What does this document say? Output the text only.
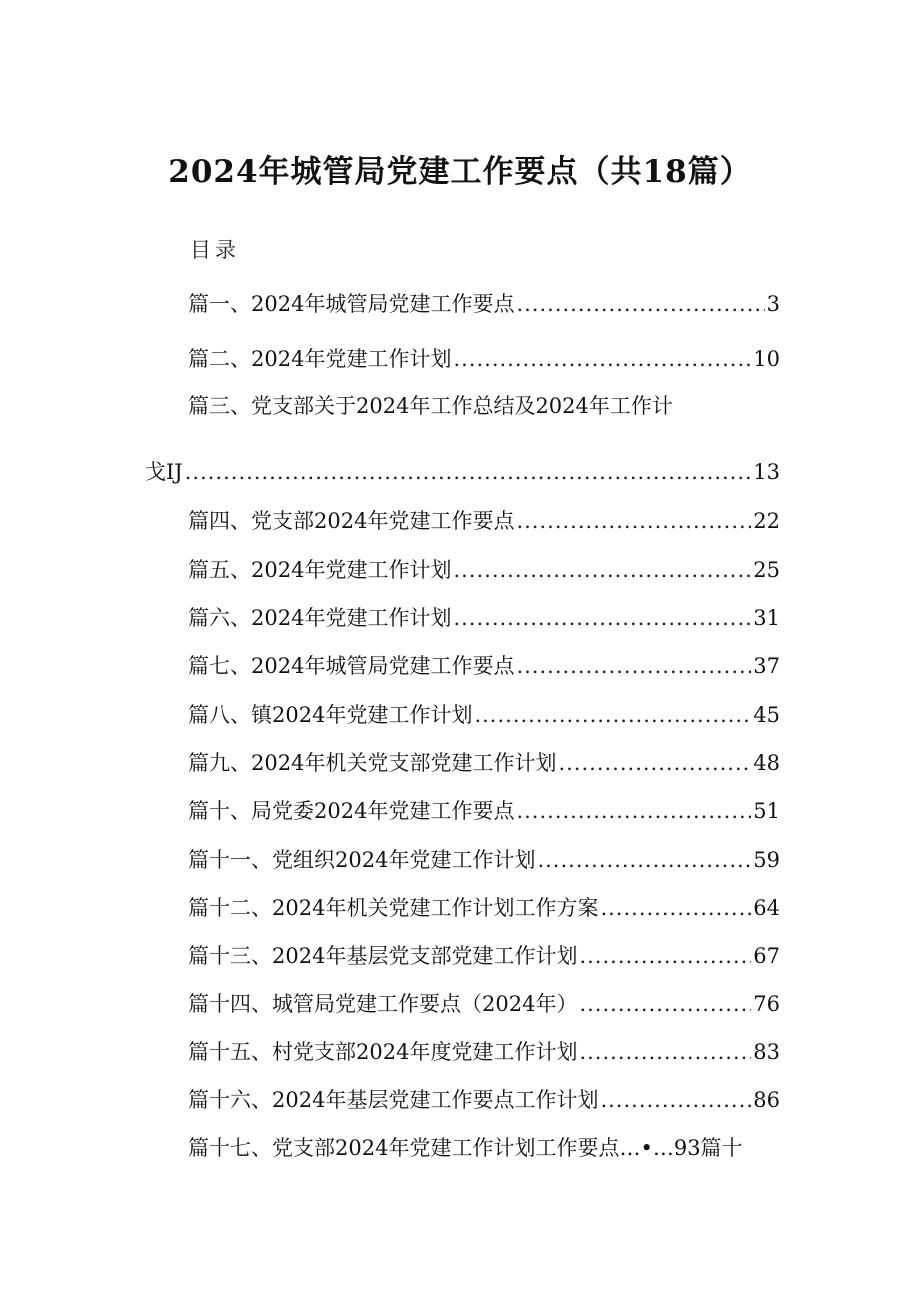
2024年城管局党建工作要点（共18篇）
目录
篇一、2024年城管局党建工作要点 .....	3
篇二、2024年党建工作计划 .....	10
篇三、党支部关于2024年工作总结及2024年工作计
戈IJ .....	13
篇四、党支部2024年党建工作要点 .....	22
篇五、2024年党建工作计划 .....	25
篇六、2024年党建工作计划 .....	31
篇七、2024年城管局党建工作要点 .....	37
篇八、镇2024年党建工作计划 .....	45
篇九、2024年机关党支部党建工作计划 .....	48
篇十、局党委2024年党建工作要点 .....	51
篇十一、党组织2024年党建工作计划 .....	59
篇十二、2024年机关党建工作计划工作方案 .....	64
篇十三、2024年基层党支部党建工作计划 .....	67
篇十四、城管局党建工作要点（2024年） .....	76
篇十五、村党支部2024年度党建工作计划 .....	83
篇十六、2024年基层党建工作要点工作计划 .....	86
篇十七、党支部2024年党建工作计划工作要点…•…93篇十
